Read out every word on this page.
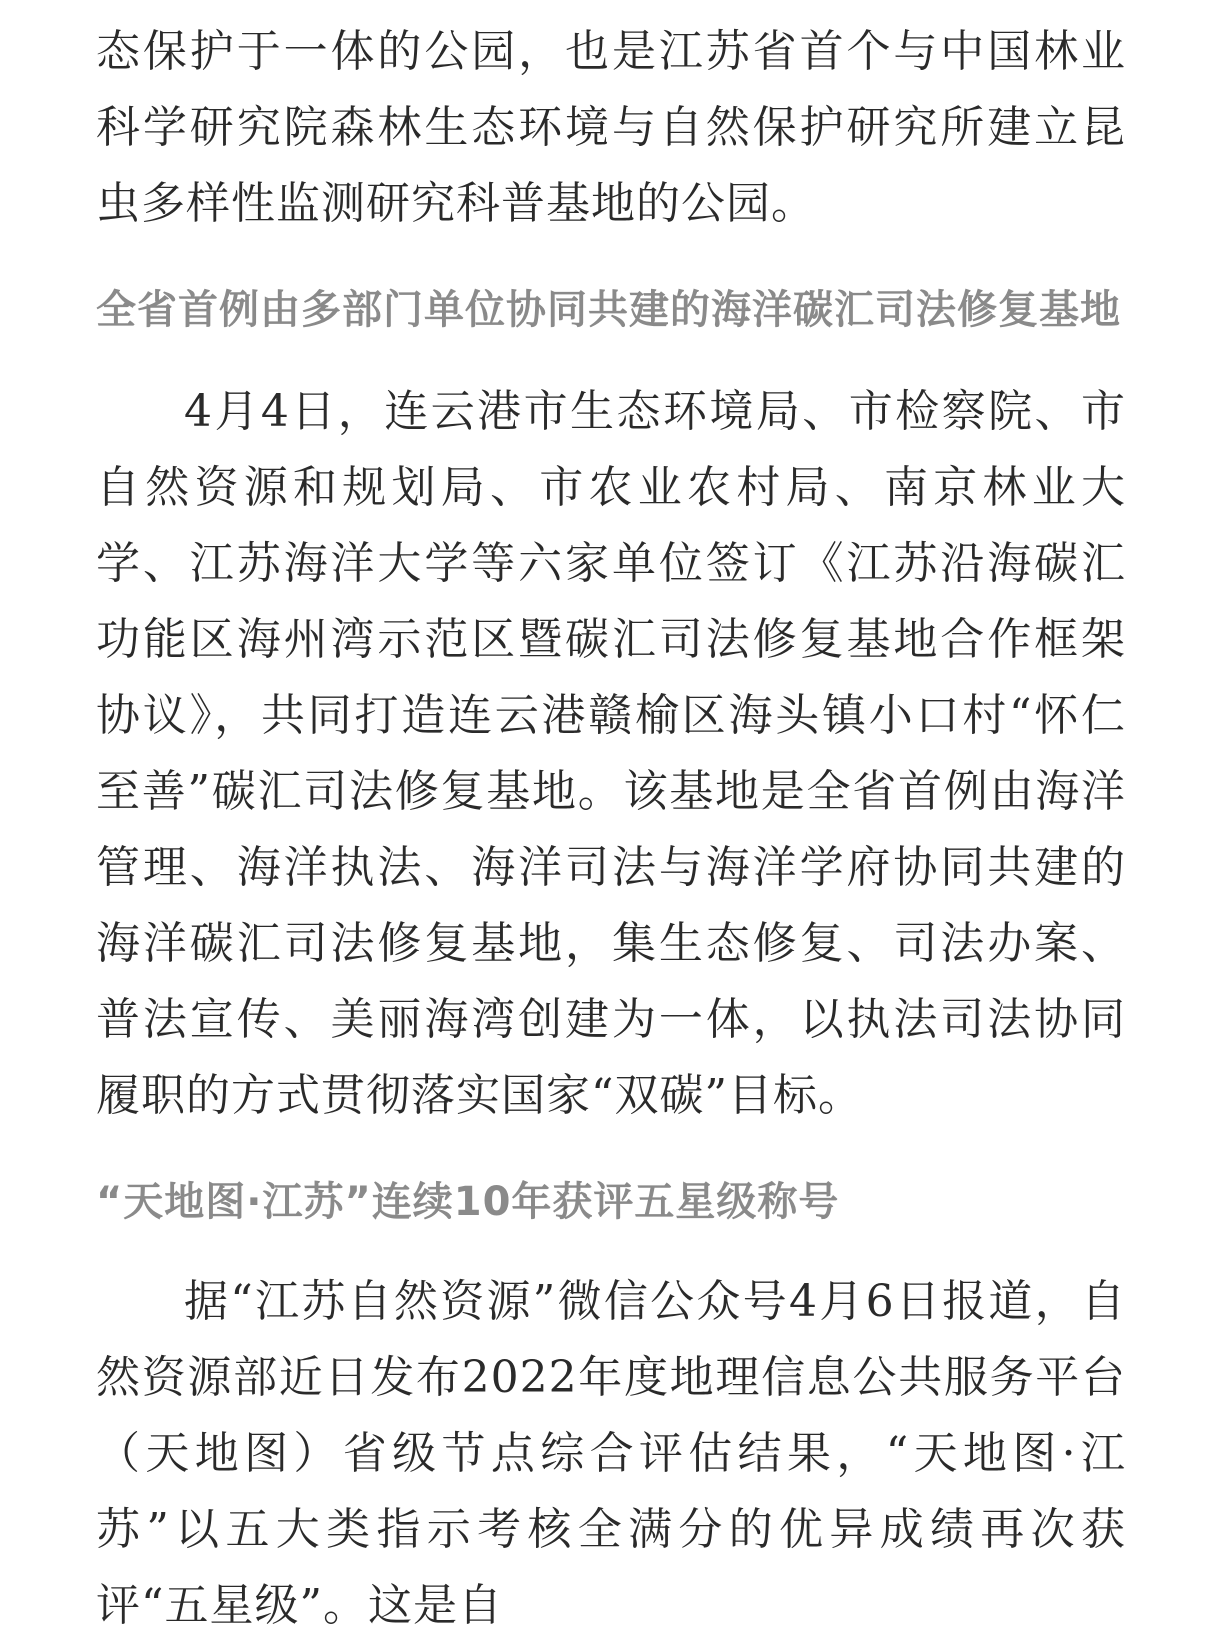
态保护于一体的公园，也是江苏省首个与中国林业科学研究院森林生态环境与自然保护研究所建立昆虫多样性监测研究科普基地的公园。

全省首例由多部门单位协同共建的海洋碳汇司法修复基地

4月4日，连云港市生态环境局、市检察院、市自然资源和规划局、市农业农村局、南京林业大学、江苏海洋大学等六家单位签订《江苏沿海碳汇功能区海州湾示范区暨碳汇司法修复基地合作框架协议》，共同打造连云港赣榆区海头镇小口村“怀仁至善”碳汇司法修复基地。该基地是全省首例由海洋管理、海洋执法、海洋司法与海洋学府协同共建的海洋碳汇司法修复基地，集生态修复、司法办案、普法宣传、美丽海湾创建为一体，以执法司法协同履职的方式贯彻落实国家“双碳”目标。

“天地图·江苏”连续10年获评五星级称号

据“江苏自然资源”微信公众号4月6日报道，自然资源部近日发布2022年度地理信息公共服务平台（天地图）省级节点综合评估结果，“天地图·江苏”以五大类指示考核全满分的优异成绩再次获评“五星级”。这是自
